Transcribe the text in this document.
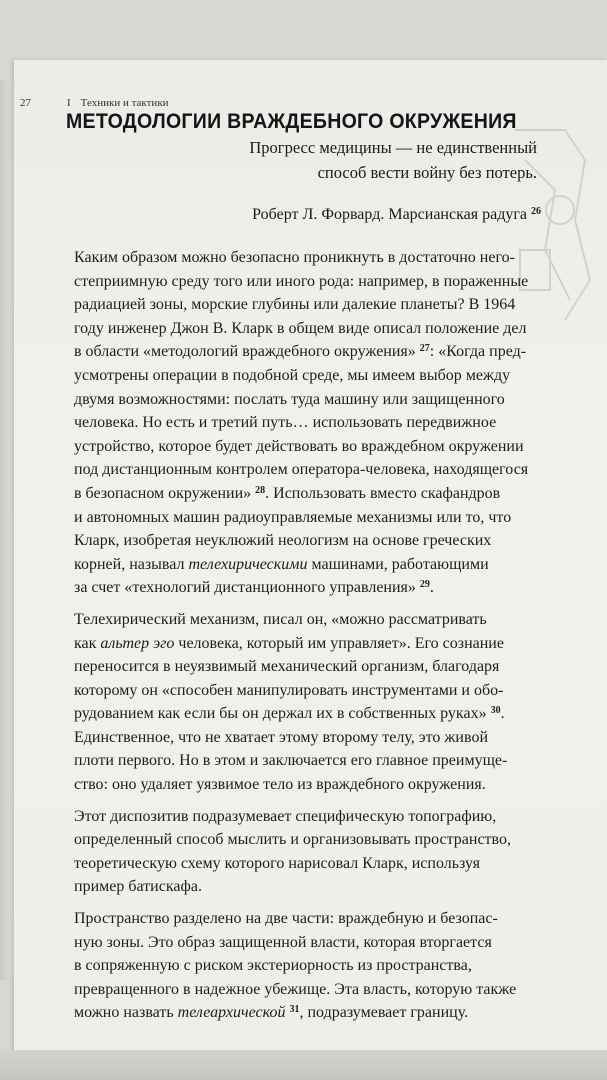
27	I Техники и тактики
МЕТОДОЛОГИИ ВРАЖДЕБНОГО ОКРУЖЕНИЯ
Прогресс медицины — не единственный
способ вести войну без потерь.
Роберт Л. Форвард. Марсианская радуга $^{26}$

Каким образом можно безопасно проникнуть в достаточно него-
степриимную среду того или иного рода: например, в пораженные
радиацией зоны, морские глубины или далекие планеты? В 1964
году инженер Джон В. Кларк в общем виде описал положение дел
в области «методологий враждебного окружения» $^{27}$: «Когда пред-
усмотрены операции в подобной среде, мы имеем выбор между
двумя возможностями: послать туда машину или защищенного
человека. Но есть и третий путь… использовать передвижное
устройство, которое будет действовать во враждебном окружении
под дистанционным контролем оператора-человека, находящегося
в безопасном окружении» $^{28}$. Использовать вместо скафандров
и автономных машин радиоуправляемые механизмы или то, что
Кларк, изобретая неуклюжий неологизм на основе греческих
корней, называл телехирическими машинами, работающими
за счет «технологий дистанционного управления» $^{29}$.

Телехирический механизм, писал он, «можно рассматривать
как альтер эго человека, который им управляет». Его сознание
переносится в неуязвимый механический организм, благодаря
которому он «способен манипулировать инструментами и обо-
рудованием как если бы он держал их в собственных руках» $^{30}$.
Единственное, что не хватает этому второму телу, это живой
плоти первого. Но в этом и заключается его главное преимуще-
ство: оно удаляет уязвимое тело из враждебного окружения.

Этот диспозитив подразумевает специфическую топографию,
определенный способ мыслить и организовывать пространство,
теоретическую схему которого нарисовал Кларк, используя
пример батискафа.

Пространство разделено на две части: враждебную и безопас-
ную зоны. Это образ защищенной власти, которая вторгается
в сопряженную с риском экстериорность из пространства,
превращенного в надежное убежище. Эта власть, которую также
можно назвать телеархической $^{31}$, подразумевает границу.
